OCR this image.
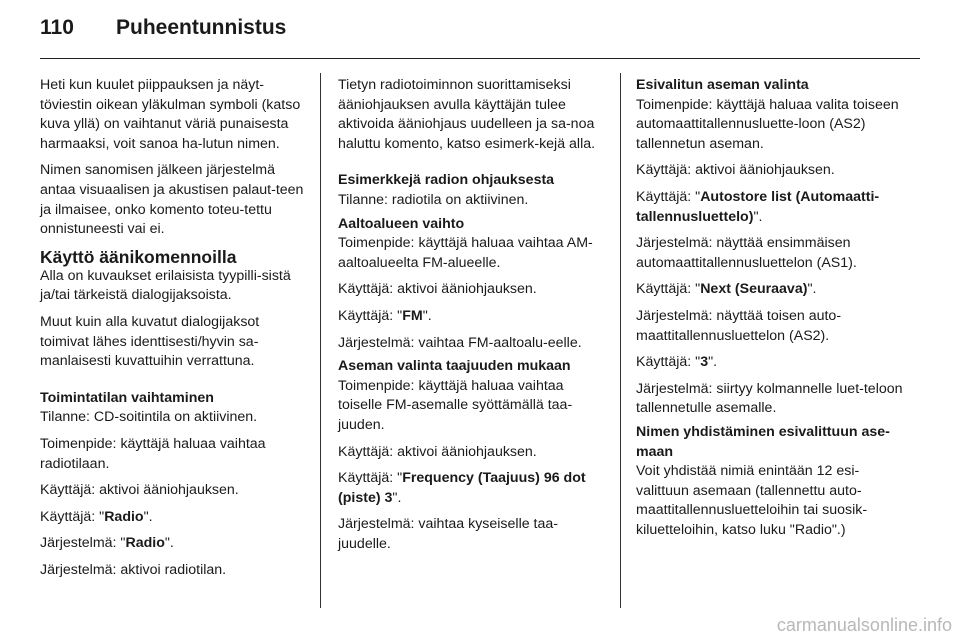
110	Puheentunnistus

Heti kun kuulet piippauksen ja näyt-töviestin oikean yläkulman symboli (katso kuva yllä) on vaihtanut väriä punaisesta harmaaksi, voit sanoa ha-lutun nimen.

Nimen sanomisen jälkeen järjestelmä antaa visuaalisen ja akustisen palaut-teen ja ilmaisee, onko komento toteu-tettu onnistuneesti vai ei.

Käyttö äänikomennoilla

Alla on kuvaukset erilaisista tyypilli-sistä ja/tai tärkeistä dialogijaksoista.

Muut kuin alla kuvatut dialogijaksot toimivat lähes identtisesti/hyvin sa-manlaisesti kuvattuihin verrattuna.

Toimintatilan vaihtaminen

Tilanne: CD-soitintila on aktiivinen.

Toimenpide: käyttäjä haluaa vaihtaa radiotilaan.

Käyttäjä: aktivoi ääniohjauksen.

Käyttäjä: "Radio".

Järjestelmä: "Radio".

Järjestelmä: aktivoi radiotilan.

Tietyn radiotoiminnon suorittamiseksi ääniohjauksen avulla käyttäjän tulee aktivoida ääniohjaus uudelleen ja sa-noa haluttu komento, katso esimerk-kejä alla.

Esimerkkejä radion ohjauksesta

Tilanne: radiotila on aktiivinen.

Aaltoalueen vaihto

Toimenpide: käyttäjä haluaa vaihtaa AM-aaltoalueelta FM-alueelle.

Käyttäjä: aktivoi ääniohjauksen.

Käyttäjä: "FM".

Järjestelmä: vaihtaa FM-aaltoalu-eelle.

Aseman valinta taajuuden mukaan

Toimenpide: käyttäjä haluaa vaihtaa toiselle FM-asemalle syöttämällä taa-juuden.

Käyttäjä: aktivoi ääniohjauksen.

Käyttäjä: "Frequency (Taajuus) 96 dot (piste) 3".

Järjestelmä: vaihtaa kyseiselle taa-juudelle.

Esivalitun aseman valinta

Toimenpide: käyttäjä haluaa valita toiseen automaattitallennusluette-loon (AS2) tallennetun aseman.

Käyttäjä: aktivoi ääniohjauksen.

Käyttäjä: "Autostore list (Automaatti-tallennusluettelo)".

Järjestelmä: näyttää ensimmäisen automaattitallennusluettelon (AS1).

Käyttäjä: "Next (Seuraava)".

Järjestelmä: näyttää toisen auto-maattitallennusluettelon (AS2).

Käyttäjä: "3".

Järjestelmä: siirtyy kolmannelle luet-teloon tallennetulle asemalle.

Nimen yhdistäminen esivalittuun ase-maan

Voit yhdistää nimiä enintään 12 esi-valittuun asemaan (tallennettu auto-maattitallennusluetteloihin tai suosik-kiluetteloihin, katso luku "Radio".)

carmanualsonline.info
